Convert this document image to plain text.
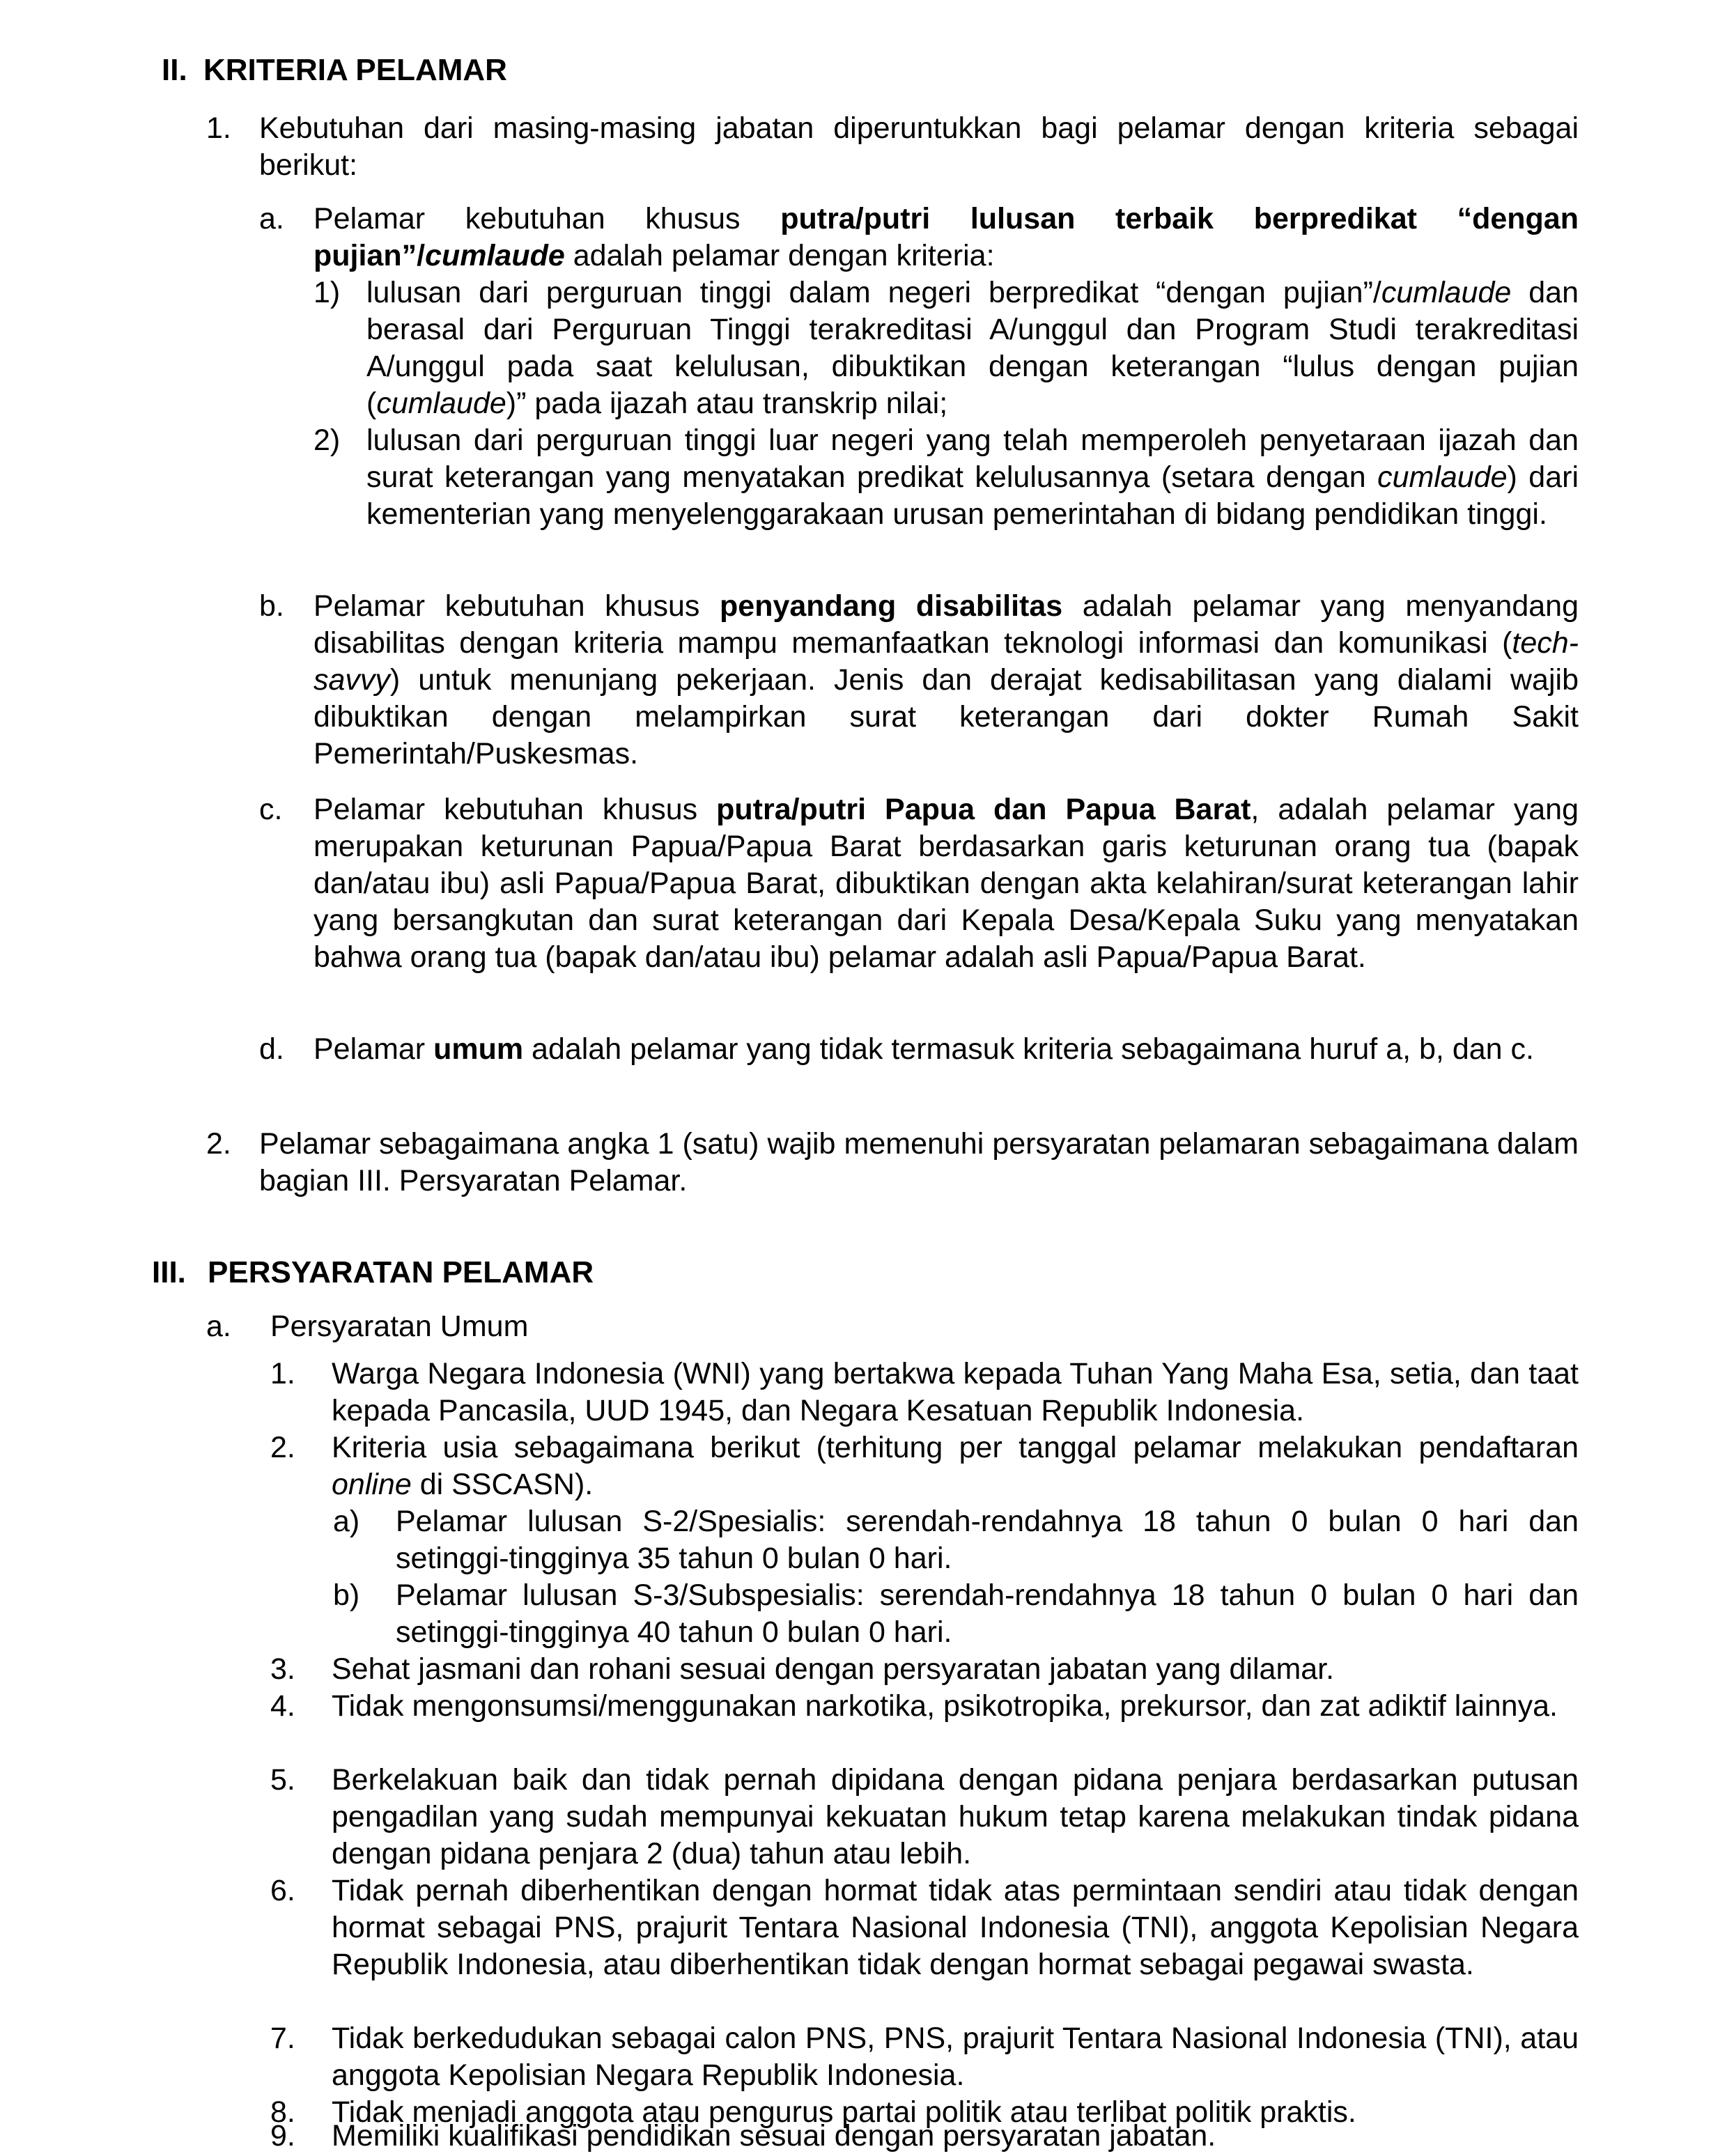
II. KRITERIA PELAMAR
1. Kebutuhan dari masing-masing jabatan diperuntukkan bagi pelamar dengan kriteria sebagai berikut:
a. Pelamar kebutuhan khusus putra/putri lulusan terbaik berpredikat “dengan pujian”/cumlaude adalah pelamar dengan kriteria:
1) lulusan dari perguruan tinggi dalam negeri berpredikat “dengan pujian”/cumlaude dan berasal dari Perguruan Tinggi terakreditasi A/unggul dan Program Studi terakreditasi A/unggul pada saat kelulusan, dibuktikan dengan keterangan “lulus dengan pujian (cumlaude)” pada ijazah atau transkrip nilai;
2) lulusan dari perguruan tinggi luar negeri yang telah memperoleh penyetaraan ijazah dan surat keterangan yang menyatakan predikat kelulusannya (setara dengan cumlaude) dari kementerian yang menyelenggarakaan urusan pemerintahan di bidang pendidikan tinggi.
b. Pelamar kebutuhan khusus penyandang disabilitas adalah pelamar yang menyandang disabilitas dengan kriteria mampu memanfaatkan teknologi informasi dan komunikasi (tech-savvy) untuk menunjang pekerjaan. Jenis dan derajat kedisabilitasan yang dialami wajib dibuktikan dengan melampirkan surat keterangan dari dokter Rumah Sakit Pemerintah/Puskesmas.
c. Pelamar kebutuhan khusus putra/putri Papua dan Papua Barat, adalah pelamar yang merupakan keturunan Papua/Papua Barat berdasarkan garis keturunan orang tua (bapak dan/atau ibu) asli Papua/Papua Barat, dibuktikan dengan akta kelahiran/surat keterangan lahir yang bersangkutan dan surat keterangan dari Kepala Desa/Kepala Suku yang menyatakan bahwa orang tua (bapak dan/atau ibu) pelamar adalah asli Papua/Papua Barat.
d. Pelamar umum adalah pelamar yang tidak termasuk kriteria sebagaimana huruf a, b, dan c.
2. Pelamar sebagaimana angka 1 (satu) wajib memenuhi persyaratan pelamaran sebagaimana dalam bagian III. Persyaratan Pelamar.
III. PERSYARATAN PELAMAR
a. Persyaratan Umum
1. Warga Negara Indonesia (WNI) yang bertakwa kepada Tuhan Yang Maha Esa, setia, dan taat kepada Pancasila, UUD 1945, dan Negara Kesatuan Republik Indonesia.
2. Kriteria usia sebagaimana berikut (terhitung per tanggal pelamar melakukan pendaftaran online di SSCASN).
a) Pelamar lulusan S-2/Spesialis: serendah-rendahnya 18 tahun 0 bulan 0 hari dan setinggi-tingginya 35 tahun 0 bulan 0 hari.
b) Pelamar lulusan S-3/Subspesialis: serendah-rendahnya 18 tahun 0 bulan 0 hari dan setinggi-tingginya 40 tahun 0 bulan 0 hari.
3. Sehat jasmani dan rohani sesuai dengan persyaratan jabatan yang dilamar.
4. Tidak mengonsumsi/menggunakan narkotika, psikotropika, prekursor, dan zat adiktif lainnya.
5. Berkelakuan baik dan tidak pernah dipidana dengan pidana penjara berdasarkan putusan pengadilan yang sudah mempunyai kekuatan hukum tetap karena melakukan tindak pidana dengan pidana penjara 2 (dua) tahun atau lebih.
6. Tidak pernah diberhentikan dengan hormat tidak atas permintaan sendiri atau tidak dengan hormat sebagai PNS, prajurit Tentara Nasional Indonesia (TNI), anggota Kepolisian Negara Republik Indonesia, atau diberhentikan tidak dengan hormat sebagai pegawai swasta.
7. Tidak berkedudukan sebagai calon PNS, PNS, prajurit Tentara Nasional Indonesia (TNI), atau anggota Kepolisian Negara Republik Indonesia.
8. Tidak menjadi anggota atau pengurus partai politik atau terlibat politik praktis.
9. Memiliki kualifikasi pendidikan sesuai dengan persyaratan jabatan.
